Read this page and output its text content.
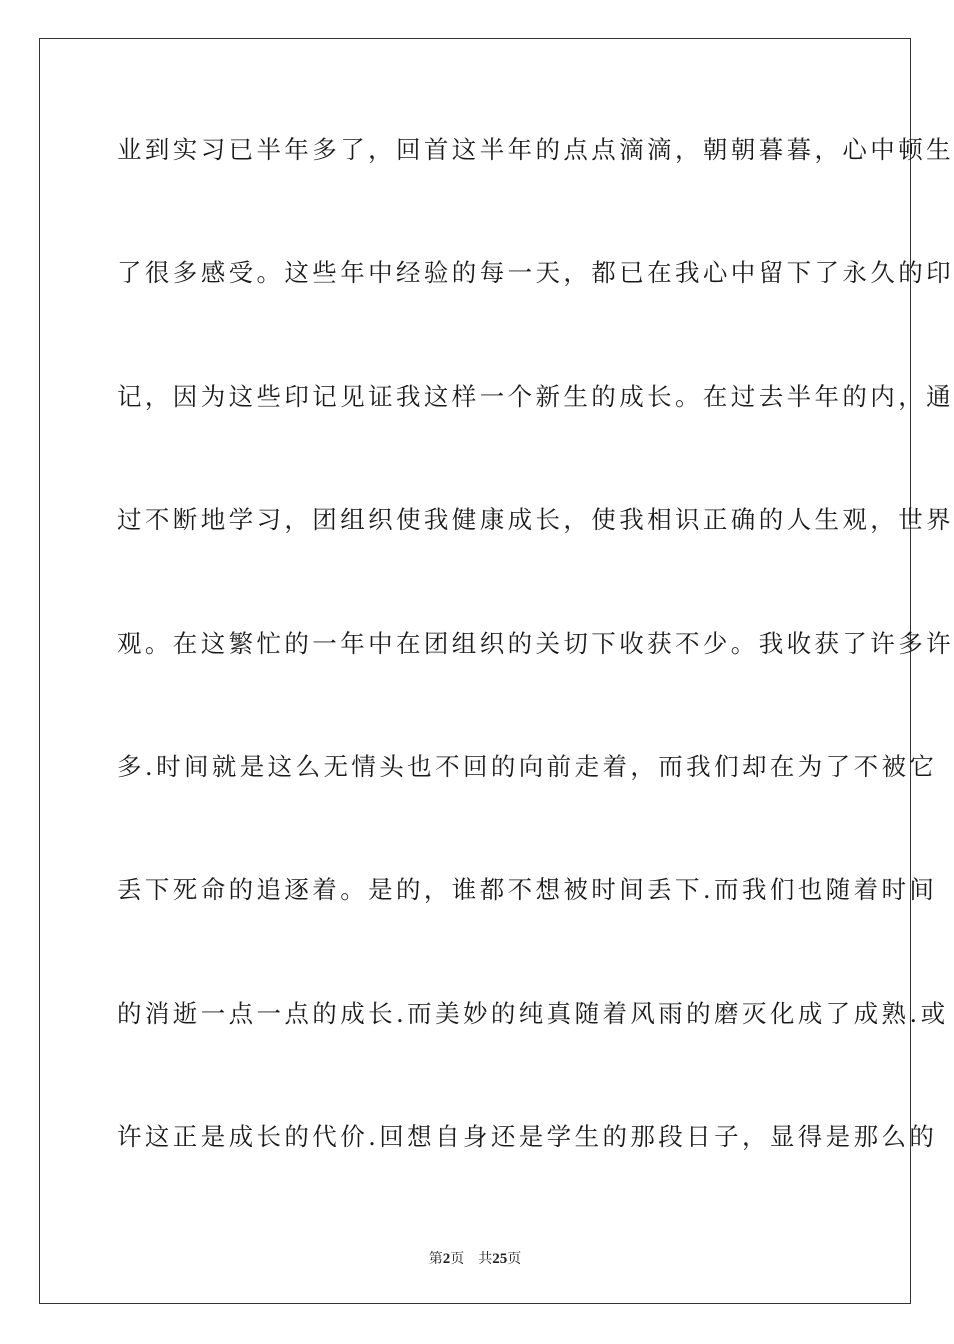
业到实习已半年多了，回首这半年的点点滴滴，朝朝暮暮，心中顿生
了很多感受。这些年中经验的每一天，都已在我心中留下了永久的印
记，因为这些印记见证我这样一个新生的成长。在过去半年的内，通
过不断地学习，团组织使我健康成长，使我相识正确的人生观，世界
观。在这繁忙的一年中在团组织的关切下收获不少。我收获了许多许
多.时间就是这么无情头也不回的向前走着，而我们却在为了不被它
丢下死命的追逐着。是的，谁都不想被时间丢下.而我们也随着时间
的消逝一点一点的成长.而美妙的纯真随着风雨的磨灭化成了成熟.或
许这正是成长的代价.回想自身还是学生的那段日子，显得是那么的
第2页 共25页
